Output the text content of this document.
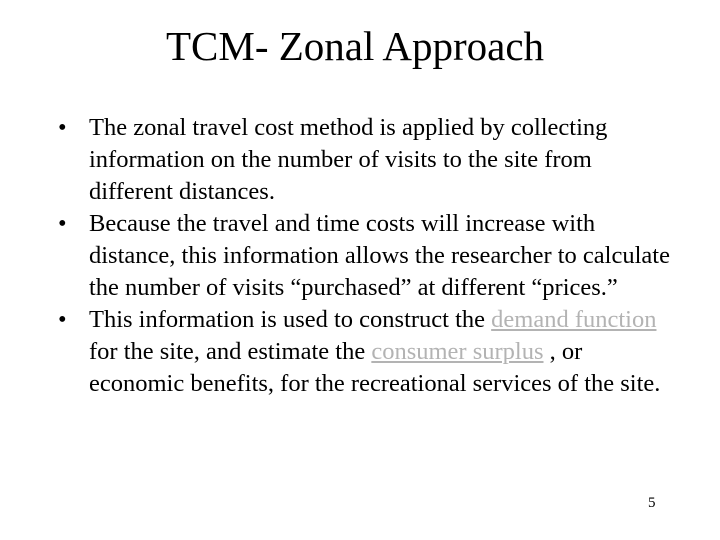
TCM- Zonal Approach
• The zonal travel cost method is applied by collecting information on the number of visits to the site from different distances.
• Because the travel and time costs will increase with distance, this information allows the researcher to calculate the number of visits “purchased” at different “prices.”
• This information is used to construct the demand function for the site, and estimate the consumer surplus , or economic benefits, for the recreational services of the site.
5
